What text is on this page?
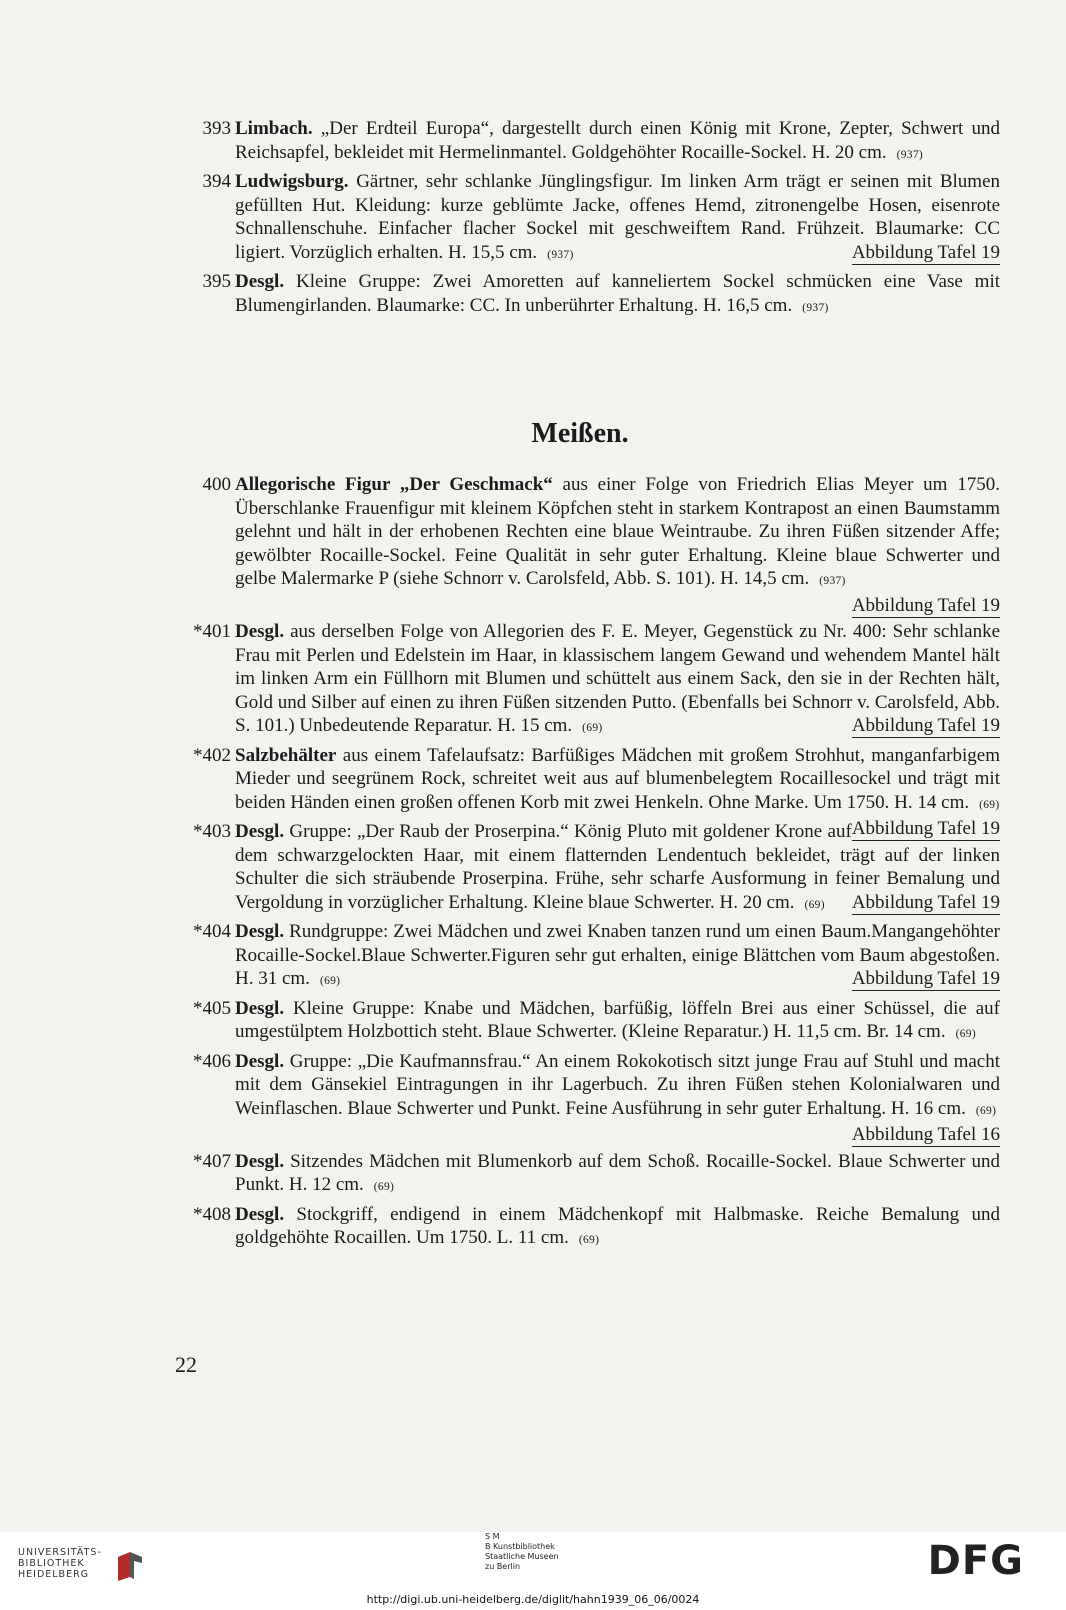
393 Limbach. „Der Erdteil Europa“, dargestellt durch einen König mit Krone, Zepter, Schwert und Reichsapfel, bekleidet mit Hermelinmantel. Goldgehöhter Rocaille-Sockel. H. 20 cm. (937)
394 Ludwigsburg. Gärtner, sehr schlanke Jünglingsfigur. Im linken Arm trägt er seinen mit Blumen gefüllten Hut. Kleidung: kurze geblümte Jacke, offenes Hemd, zitronengelbe Hosen, eisenrote Schnallenschuhe. Einfacher flacher Sockel mit geschweiftem Rand. Frühzeit. Blaumarke: CC ligiert. Vorzüglich erhalten. H. 15,5 cm. (937)	Abbildung Tafel 19
395 Desgl. Kleine Gruppe: Zwei Amoretten auf kanneliertem Sockel schmücken eine Vase mit Blumengirlanden. Blaumarke: CC. In unberührter Erhaltung. H. 16,5 cm. (937)
Meißen.
400 Allegorische Figur „Der Geschmack“ aus einer Folge von Friedrich Elias Meyer um 1750. Überschlanke Frauenfigur mit kleinem Köpfchen steht in starkem Kontrapost an einen Baumstamm gelehnt und hält in der erhobenen Rechten eine blaue Weintraube. Zu ihren Füßen sitzender Affe; gewölbter Rocaille-Sockel. Feine Qualität in sehr guter Erhaltung. Kleine blaue Schwerter und gelbe Malermarke P (siehe Schnorr v. Carolsfeld, Abb. S. 101). H. 14,5 cm. (937)
Abbildung Tafel 19
*401 Desgl. aus derselben Folge von Allegorien des F. E. Meyer, Gegenstück zu Nr. 400: Sehr schlanke Frau mit Perlen und Edelstein im Haar, in klassischem langem Gewand und wehendem Mantel hält im linken Arm ein Füllhorn mit Blumen und schüttelt aus einem Sack, den sie in der Rechten hält, Gold und Silber auf einen zu ihren Füßen sitzenden Putto. (Ebenfalls bei Schnorr v. Carolsfeld, Abb. S. 101.) Unbedeutende Reparatur. H. 15 cm. (69)	Abbildung Tafel 19
*402 Salzbehälter aus einem Tafelaufsatz: Barfüßiges Mädchen mit großem Strohhut, manganfarbigem Mieder und seegrünem Rock, schreitet weit aus auf blumenbelegtem Rocaillesockel und trägt mit beiden Händen einen großen offenen Korb mit zwei Henkeln. Ohne Marke. Um 1750. H. 14 cm. (69)
Abbildung Tafel 19
*403 Desgl. Gruppe: „Der Raub der Proserpina.“ König Pluto mit goldener Krone auf dem schwarzgelockten Haar, mit einem flatternden Lendentuch bekleidet, trägt auf der linken Schulter die sich sträubende Proserpina. Frühe, sehr scharfe Ausformung in feiner Bemalung und Vergoldung in vorzüglicher Erhaltung. Kleine blaue Schwerter. H. 20 cm. (69) Abbildung Tafel 19
*404 Desgl. Rundgruppe: Zwei Mädchen und zwei Knaben tanzen rund um einen Baum.Mangangehöhter Rocaille-Sockel.Blaue Schwerter.Figuren sehr gut erhalten, einige Blättchen vom Baum abgestoßen. H. 31 cm. (69)	Abbildung Tafel 19
*405 Desgl. Kleine Gruppe: Knabe und Mädchen, barfüßig, löffeln Brei aus einer Schüssel, die auf umgestülptem Holzbottich steht. Blaue Schwerter. (Kleine Reparatur.) H. 11,5 cm. Br. 14 cm. (69)
*406 Desgl. Gruppe: „Die Kaufmannsfrau.“ An einem Rokokotisch sitzt junge Frau auf Stuhl und macht mit dem Gänsekiel Eintragungen in ihr Lagerbuch. Zu ihren Füßen stehen Kolonialwaren und Weinflaschen. Blaue Schwerter und Punkt. Feine Ausführung in sehr guter Erhaltung. H. 16 cm. (69)
Abbildung Tafel 16
*407 Desgl. Sitzendes Mädchen mit Blumenkorb auf dem Schoß. Rocaille-Sockel. Blaue Schwerter und Punkt. H. 12 cm. (69)
*408 Desgl. Stockgriff, endigend in einem Mädchenkopf mit Halbmaske. Reiche Bemalung und goldgehöhte Rocaillen. Um 1750. L. 11 cm. (69)
22
UNIVERSITÄTS-
BIBLIOTHEK
HEIDELBERG
S M
B Kunstbibliothek
Staatliche Museen
zu Berlin	DFG
http://digi.ub.uni-heidelberg.de/diglit/hahn1939_06_06/0024
